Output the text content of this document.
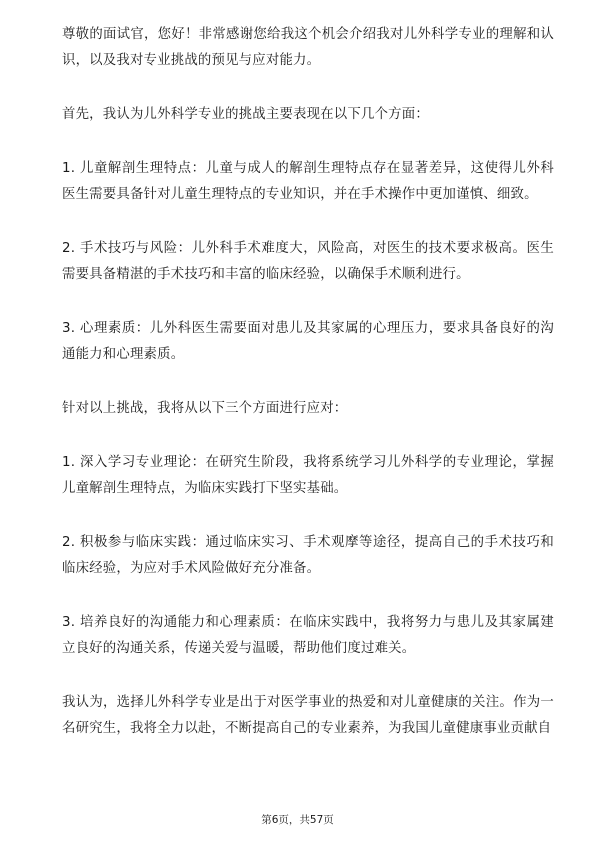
尊敬的面试官，您好！非常感谢您给我这个机会介绍我对儿外科学专业的理解和认识，以及我对专业挑战的预见与应对能力。

首先，我认为儿外科学专业的挑战主要表现在以下几个方面：

1. 儿童解剖生理特点：儿童与成人的解剖生理特点存在显著差异，这使得儿外科医生需要具备针对儿童生理特点的专业知识，并在手术操作中更加谨慎、细致。

2. 手术技巧与风险：儿外科手术难度大，风险高，对医生的技术要求极高。医生需要具备精湛的手术技巧和丰富的临床经验，以确保手术顺利进行。

3. 心理素质：儿外科医生需要面对患儿及其家属的心理压力，要求具备良好的沟通能力和心理素质。

针对以上挑战，我将从以下三个方面进行应对：

1. 深入学习专业理论：在研究生阶段，我将系统学习儿外科学的专业理论，掌握儿童解剖生理特点，为临床实践打下坚实基础。

2. 积极参与临床实践：通过临床实习、手术观摩等途径，提高自己的手术技巧和临床经验，为应对手术风险做好充分准备。

3. 培养良好的沟通能力和心理素质：在临床实践中，我将努力与患儿及其家属建立良好的沟通关系，传递关爱与温暖，帮助他们度过难关。

我认为，选择儿外科学专业是出于对医学事业的热爱和对儿童健康的关注。作为一名研究生，我将全力以赴，不断提高自己的专业素养，为我国儿童健康事业贡献自

第6页，共57页
